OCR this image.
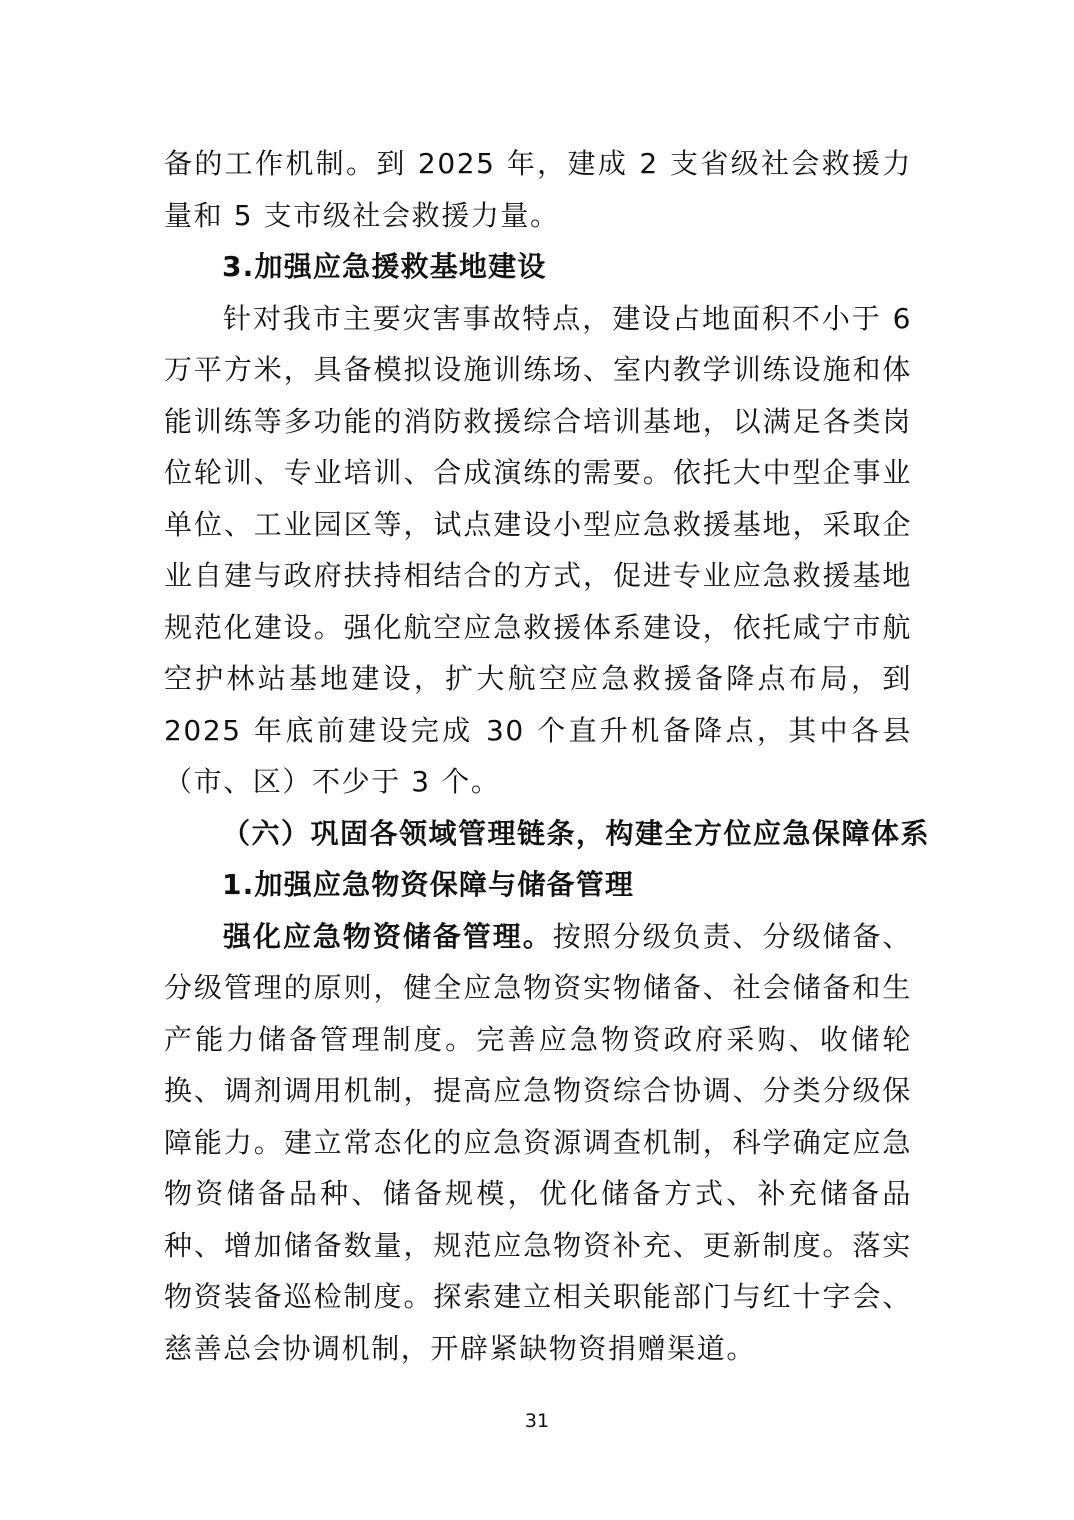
备的工作机制。到 2025 年，建成 2 支省级社会救援力量和 5 支市级社会救援力量。

3.加强应急援救基地建设

针对我市主要灾害事故特点，建设占地面积不小于 6 万平方米，具备模拟设施训练场、室内教学训练设施和体能训练等多功能的消防救援综合培训基地，以满足各类岗位轮训、专业培训、合成演练的需要。依托大中型企事业单位、工业园区等，试点建设小型应急救援基地，采取企业自建与政府扶持相结合的方式，促进专业应急救援基地规范化建设。强化航空应急救援体系建设，依托咸宁市航空护林站基地建设，扩大航空应急救援备降点布局，到 2025 年底前建设完成 30 个直升机备降点，其中各县（市、区）不少于 3 个。

（六）巩固各领域管理链条，构建全方位应急保障体系

1.加强应急物资保障与储备管理

强化应急物资储备管理。按照分级负责、分级储备、分级管理的原则，健全应急物资实物储备、社会储备和生产能力储备管理制度。完善应急物资政府采购、收储轮换、调剂调用机制，提高应急物资综合协调、分类分级保障能力。建立常态化的应急资源调查机制，科学确定应急物资储备品种、储备规模，优化储备方式、补充储备品种、增加储备数量，规范应急物资补充、更新制度。落实物资装备巡检制度。探索建立相关职能部门与红十字会、慈善总会协调机制，开辟紧缺物资捐赠渠道。

31
